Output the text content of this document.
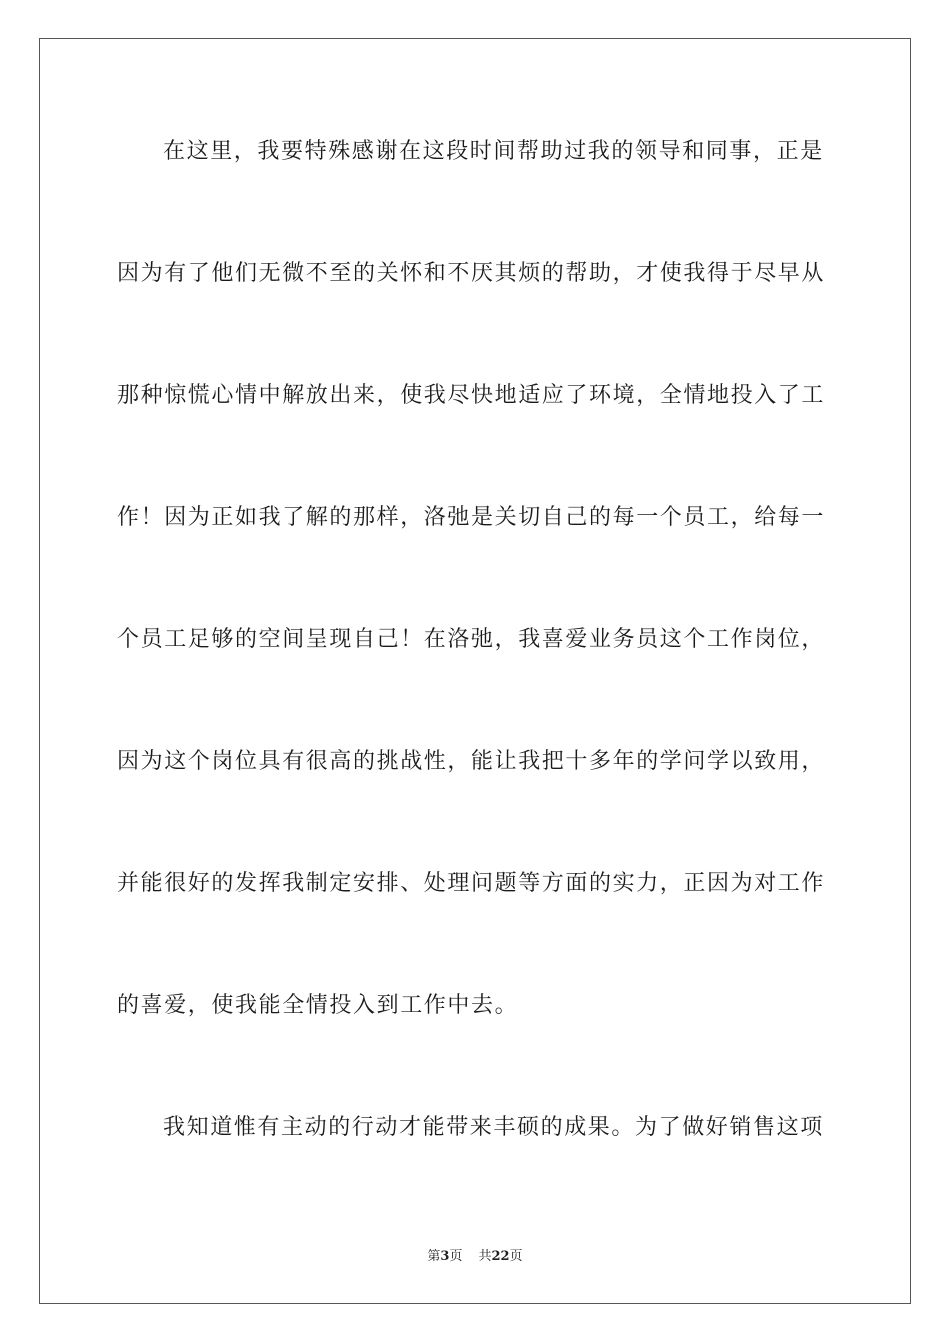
在这里，我要特殊感谢在这段时间帮助过我的领导和同事，正是
因为有了他们无微不至的关怀和不厌其烦的帮助，才使我得于尽早从
那种惊慌心情中解放出来，使我尽快地适应了环境，全情地投入了工
作！因为正如我了解的那样，洛弛是关切自己的每一个员工，给每一
个员工足够的空间呈现自己！在洛弛，我喜爱业务员这个工作岗位，
因为这个岗位具有很高的挑战性，能让我把十多年的学问学以致用，
并能很好的发挥我制定安排、处理问题等方面的实力，正因为对工作
的喜爱，使我能全情投入到工作中去。
我知道惟有主动的行动才能带来丰硕的成果。为了做好销售这项
第3页 共22页
